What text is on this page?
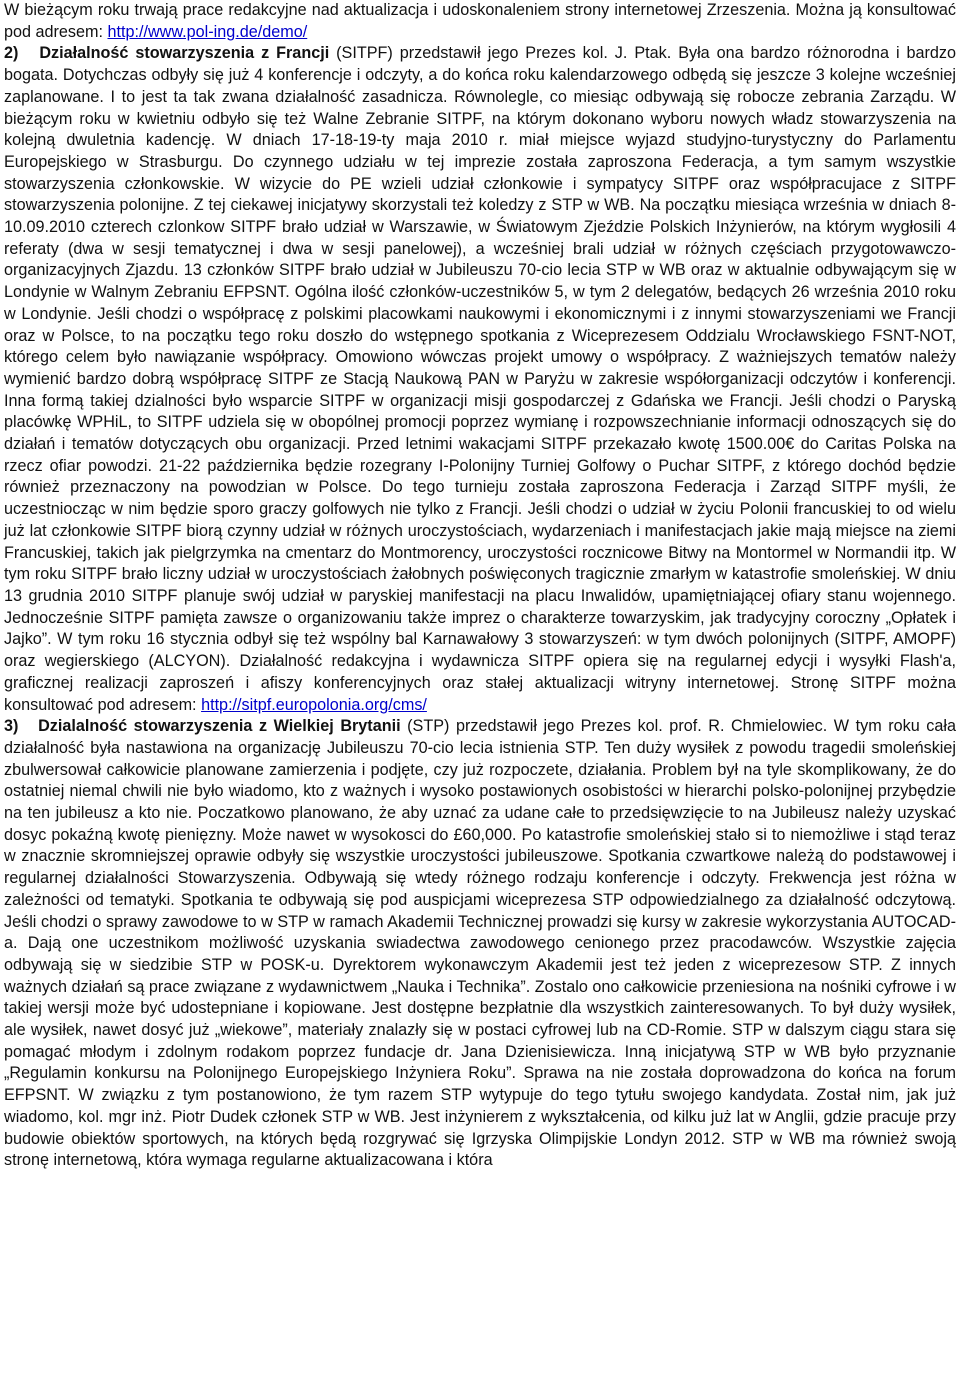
W bieżącym roku trwają prace redakcyjne nad aktualizacja i udoskonaleniem strony internetowej Zrzeszenia. Można ją konsultować pod adresem: http://www.pol-ing.de/demo/

2) Działalność stowarzyszenia z Francji (SITPF) przedstawił jego Prezes kol. J. Ptak. Była ona bardzo różnorodna i bardzo bogata. Dotychczas odbyły się już 4 konferencje i odczyty, a do końca roku kalendarzowego odbędą się jeszcze 3 kolejne wcześniej zaplanowane. I to jest ta tak zwana działalność zasadnicza. Równolegle, co miesiąc odbywają się robocze zebrania Zarządu. W bieżącym roku w kwietniu odbyło się też Walne Zebranie SITPF, na którym dokonano wyboru nowych władz stowarzyszenia na kolejną dwuletnia kadencję. W dniach 17-18-19-ty maja 2010 r. miał miejsce wyjazd studyjno-turystyczny do Parlamentu Europejskiego w Strasburgu. Do czynnego udziału w tej imprezie została zaproszona Federacja, a tym samym wszystkie stowarzyszenia członkowskie. W wizycie do PE wzieli udział członkowie i sympatycy SITPF oraz współpracujace z SITPF stowarzyszenia polonijne. Z tej ciekawej inicjatywy skorzystali też koledzy z STP w WB. Na początku miesiąca września w dniach 8-10.09.2010 czterech czlonkow SITPF brało udział w Warszawie, w Światowym Zjeździe Polskich Inżynierów, na którym wygłosili 4 referaty (dwa w sesji tematycznej i dwa w sesji panelowej), a wcześniej brali udział w różnych częściach przygotowawczo-organizacyjnych Zjazdu. 13 członków SITPF brało udział w Jubileuszu 70-cio lecia STP w WB oraz w aktualnie odbywającym się w Londynie w Walnym Zebraniu EFPSNT. Ogólna ilość członków-uczestników 5, w tym 2 delegatów, bedących 26 września 2010 roku w Londynie. Jeśli chodzi o współpracę z polskimi placowkami naukowymi i ekonomicznymi i z innymi stowarzyszeniami we Francji oraz w Polsce, to na początku tego roku doszło do wstępnego spotkania z Wiceprezesem Oddzialu Wrocławskiego FSNT-NOT, którego celem było nawiązanie współpracy. Omowiono wówczas projekt umowy o współpracy. Z ważniejszych tematów należy wymienić bardzo dobrą współpracę SITPF ze Stacją Naukową PAN w Paryżu w zakresie współorganizacji odczytów i konferencji. Inna formą takiej dzialności było wsparcie SITPF w organizacji misji gospodarczej z Gdańska we Francji. Jeśli chodzi o Paryską placówkę WPHiL, to SITPF udziela się w obopólnej promocji poprzez wymianę i rozpowszechnianie informacji odnoszących się do działań i tematów dotyczących obu organizacji. Przed letnimi wakacjami SITPF przekazało kwotę 1500.00€ do Caritas Polska na rzecz ofiar powodzi. 21-22 października będzie rozegrany I-Polonijny Turniej Golfowy o Puchar SITPF, z którego dochód będzie również przeznaczony na powodzian w Polsce. Do tego turnieju została zaproszona Federacja i Zarząd SITPF myśli, że uczestniocząc w nim będzie sporo graczy golfowych nie tylko z Francji. Jeśli chodzi o udział w życiu Polonii francuskiej to od wielu już lat członkowie SITPF biorą czynny udział w różnych uroczystościach, wydarzeniach i manifestacjach jakie mają miejsce na ziemi Francuskiej, takich jak pielgrzymka na cmentarz do Montmorency, uroczystości rocznicowe Bitwy na Montormel w Normandii itp. W tym roku SITPF brało liczny udział w uroczystościach żałobnych poświęconych tragicznie zmarłym w katastrofie smoleńskiej. W dniu 13 grudnia 2010 SITPF planuje swój udział w paryskiej manifestacji na placu Inwalidów, upamiętniającej ofiary stanu wojennego. Jednocześnie SITPF pamięta zawsze o organizowaniu także imprez o charakterze towarzyskim, jak tradycyjny coroczny „Opłatek i Jajko”. W tym roku 16 stycznia odbył się też wspólny bal Karnawałowy 3 stowarzyszeń: w tym dwóch polonijnych (SITPF, AMOPF) oraz wegierskiego (ALCYON). Działalność redakcyjna i wydawnicza SITPF opiera się na regularnej edycji i wysyłki Flash'a, graficznej realizacji zaproszeń i afiszy konferencyjnych oraz stałej aktualizacji witryny internetowej. Stronę SITPF można konsultować pod adresem: http://sitpf.europolonia.org/cms/

3) Dzialalność stowarzyszenia z Wielkiej Brytanii (STP) przedstawił jego Prezes kol. prof. R. Chmielowiec. W tym roku cała działalność była nastawiona na organizację Jubileuszu 70-cio lecia istnienia STP. Ten duży wysiłek z powodu tragedii smoleńskiej zbulwersował całkowicie planowane zamierzenia i podjęte, czy już rozpoczete, działania. Problem był na tyle skomplikowany, że do ostatniej niemal chwili nie było wiadomo, kto z ważnych i wysoko postawionych osobistości w hierarchi polsko-polonijnej przybędzie na ten jubileusz a kto nie. Poczatkowo planowano, że aby uznać za udane całe to przedsięwzięcie to na Jubileusz należy uzyskać dosyc pokaźną kwotę pienięzny. Może nawet w wysokosci do £60,000. Po katastrofie smoleńskiej stało si to niemożliwe i stąd teraz w znacznie skromniejszej oprawie odbyły się wszystkie uroczystości jubileuszowe. Spotkania czwartkowe należą do podstawowej i regularnej działalności Stowarzyszenia. Odbywają się wtedy różnego rodzaju konferencje i odczyty. Frekwencja jest różna w zależności od tematyki. Spotkania te odbywają się pod auspicjami wiceprezesa STP odpowiedzialnego za działalność odczytową. Jeśli chodzi o sprawy zawodowe to w STP w ramach Akademii Technicznej prowadzi się kursy w zakresie wykorzystania AUTOCAD-a. Dają one uczestnikom możliwość uzyskania swiadectwa zawodowego cenionego przez pracodawców. Wszystkie zajęcia odbywają się w siedzibie STP w POSK-u. Dyrektorem wykonawczym Akademii jest też jeden z wiceprezesow STP. Z innych ważnych działań są prace związane z wydawnictwem „Nauka i Technika”. Zostalo ono całkowicie przeniesiona na nośniki cyfrowe i w takiej wersji może być udostepniane i kopiowane. Jest dostępne bezpłatnie dla wszystkich zainteresowanych. To był duży wysiłek, ale wysiłek, nawet dosyć już „wiekowe”, materiały znalazły się w postaci cyfrowej lub na CD-Romie. STP w dalszym ciągu stara się pomagać młodym i zdolnym rodakom poprzez fundacje dr. Jana Dzienisiewicza. Inną inicjatywą STP w WB było przyznanie „Regulamin konkursu na Polonijnego Europejskiego Inżyniera Roku”. Sprawa na nie została doprowadzona do końca na forum EFPSNT. W związku z tym postanowiono, że tym razem STP wytypuje do tego tytułu swojego kandydata. Został nim, jak już wiadomo, kol. mgr inż. Piotr Dudek członek STP w WB. Jest inżynierem z wykształcenia, od kilku już lat w Anglii, gdzie pracuje przy budowie obiektów sportowych, na których będą rozgrywać się Igrzyska Olimpijskie Londyn 2012. STP w WB ma również swoją stronę internetową, która wymaga regularne aktualizacowana i która
